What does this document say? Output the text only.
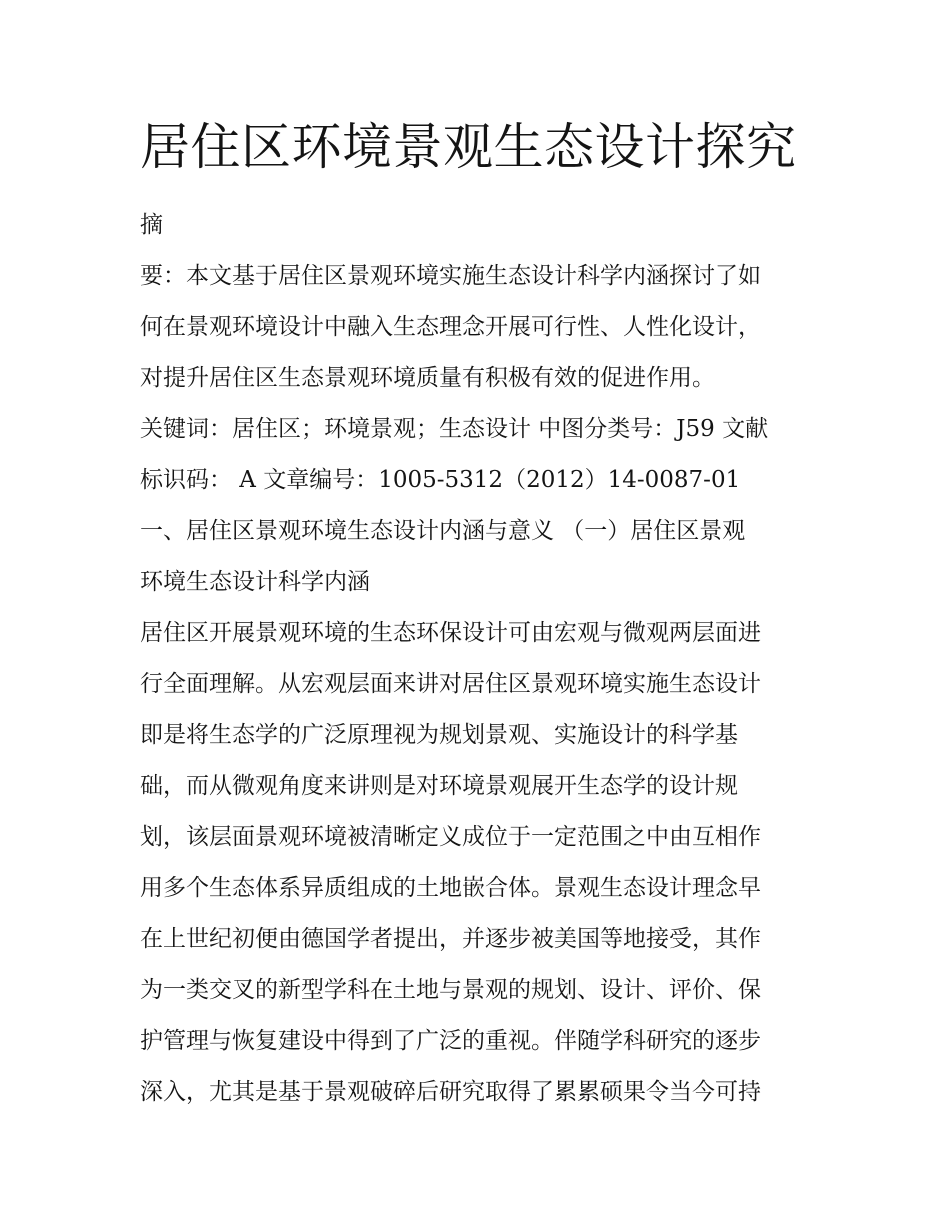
居住区环境景观生态设计探究
摘
要：本文基于居住区景观环境实施生态设计科学内涵探讨了如
何在景观环境设计中融入生态理念开展可行性、人性化设计，
对提升居住区生态景观环境质量有积极有效的促进作用。
关键词：居住区；环境景观；生态设计 中图分类号：J59 文献
标识码： A 文章编号：1005-5312（2012）14-0087-01
一、居住区景观环境生态设计内涵与意义 （一）居住区景观
环境生态设计科学内涵
居住区开展景观环境的生态环保设计可由宏观与微观两层面进
行全面理解。从宏观层面来讲对居住区景观环境实施生态设计
即是将生态学的广泛原理视为规划景观、实施设计的科学基
础，而从微观角度来讲则是对环境景观展开生态学的设计规
划，该层面景观环境被清晰定义成位于一定范围之中由互相作
用多个生态体系异质组成的土地嵌合体。景观生态设计理念早
在上世纪初便由德国学者提出，并逐步被美国等地接受，其作
为一类交叉的新型学科在土地与景观的规划、设计、评价、保
护管理与恢复建设中得到了广泛的重视。伴随学科研究的逐步
深入，尤其是基于景观破碎后研究取得了累累硕果令当今可持
